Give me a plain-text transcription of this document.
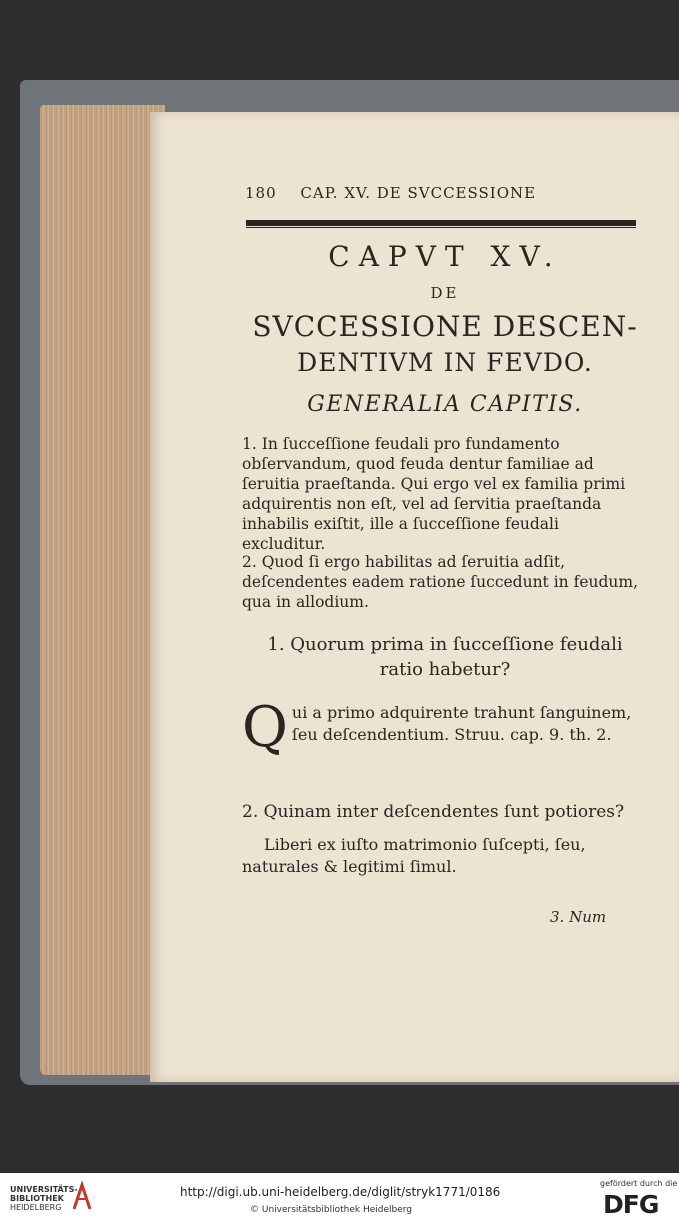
180 CAP. XV. DE SVCCESSIONE
CAPVT XV.
DE
SVCCESSIONE DESCEN-
DENTIVM IN FEVDO.
GENERALIA CAPITIS.
1. In ſucceſſione feudali pro fundamento obſervandum, quod feuda dentur familiae ad ſeruitia praeſtanda. Qui ergo vel ex familia primi adquirentis non eſt, vel ad ſervitia praeſtanda inhabilis exiſtit, ille a ſucceſſione feudali excluditur.
2. Quod ſi ergo habilitas ad ſeruitia adſit, deſcendentes eadem ratione ſuccedunt in feudum, qua in allodium.
1. Quorum prima in ſucceſſione feudali ratio habetur?
Q ui a primo adquirente trahunt ſanguinem, ſeu deſcendentium. Struu. cap. 9. th. 2.
2. Quinam inter deſcendentes ſunt potiores?
Liberi ex iuſto matrimonio ſuſcepti, ſeu, naturales & legitimi ſimul.
3. Num
UNIVERSITÄTS-
BIBLIOTHEK
HEIDELBERG
http://digi.ub.uni-heidelberg.de/diglit/stryk1771/0186
© Universitätsbibliothek Heidelberg
gefördert durch die
DFG
